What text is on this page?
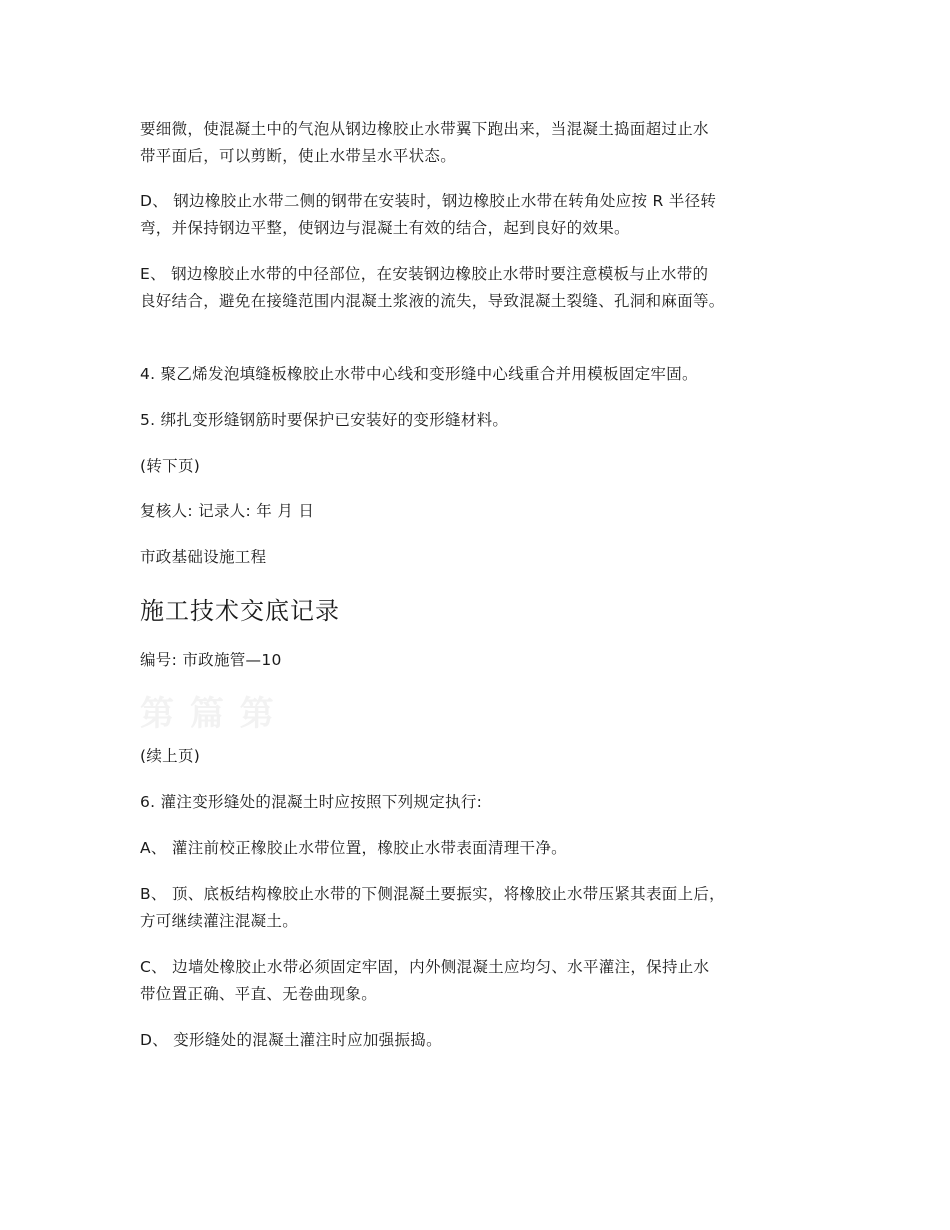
要细微，使混凝土中的气泡从钢边橡胶止水带翼下跑出来，当混凝土捣面超过止水
带平面后，可以剪断，使止水带呈水平状态。
D、 钢边橡胶止水带二侧的钢带在安装时，钢边橡胶止水带在转角处应按 R 半径转
弯，并保持钢边平整，使钢边与混凝土有效的结合，起到良好的效果。
E、 钢边橡胶止水带的中径部位，在安装钢边橡胶止水带时要注意模板与止水带的
良好结合，避免在接缝范围内混凝土浆液的流失，导致混凝土裂缝、孔洞和麻面等。
4. 聚乙烯发泡填缝板橡胶止水带中心线和变形缝中心线重合并用模板固定牢固。
5. 绑扎变形缝钢筋时要保护已安装好的变形缝材料。
(转下页)
复核人: 记录人: 年 月 日
市政基础设施工程
施工技术交底记录
编号: 市政施管—10
第 篇 第
(续上页)
6. 灌注变形缝处的混凝土时应按照下列规定执行:
A、 灌注前校正橡胶止水带位置，橡胶止水带表面清理干净。
B、 顶、底板结构橡胶止水带的下侧混凝土要振实，将橡胶止水带压紧其表面上后，
方可继续灌注混凝土。
C、 边墙处橡胶止水带必须固定牢固，内外侧混凝土应均匀、水平灌注，保持止水
带位置正确、平直、无卷曲现象。
D、 变形缝处的混凝土灌注时应加强振捣。
